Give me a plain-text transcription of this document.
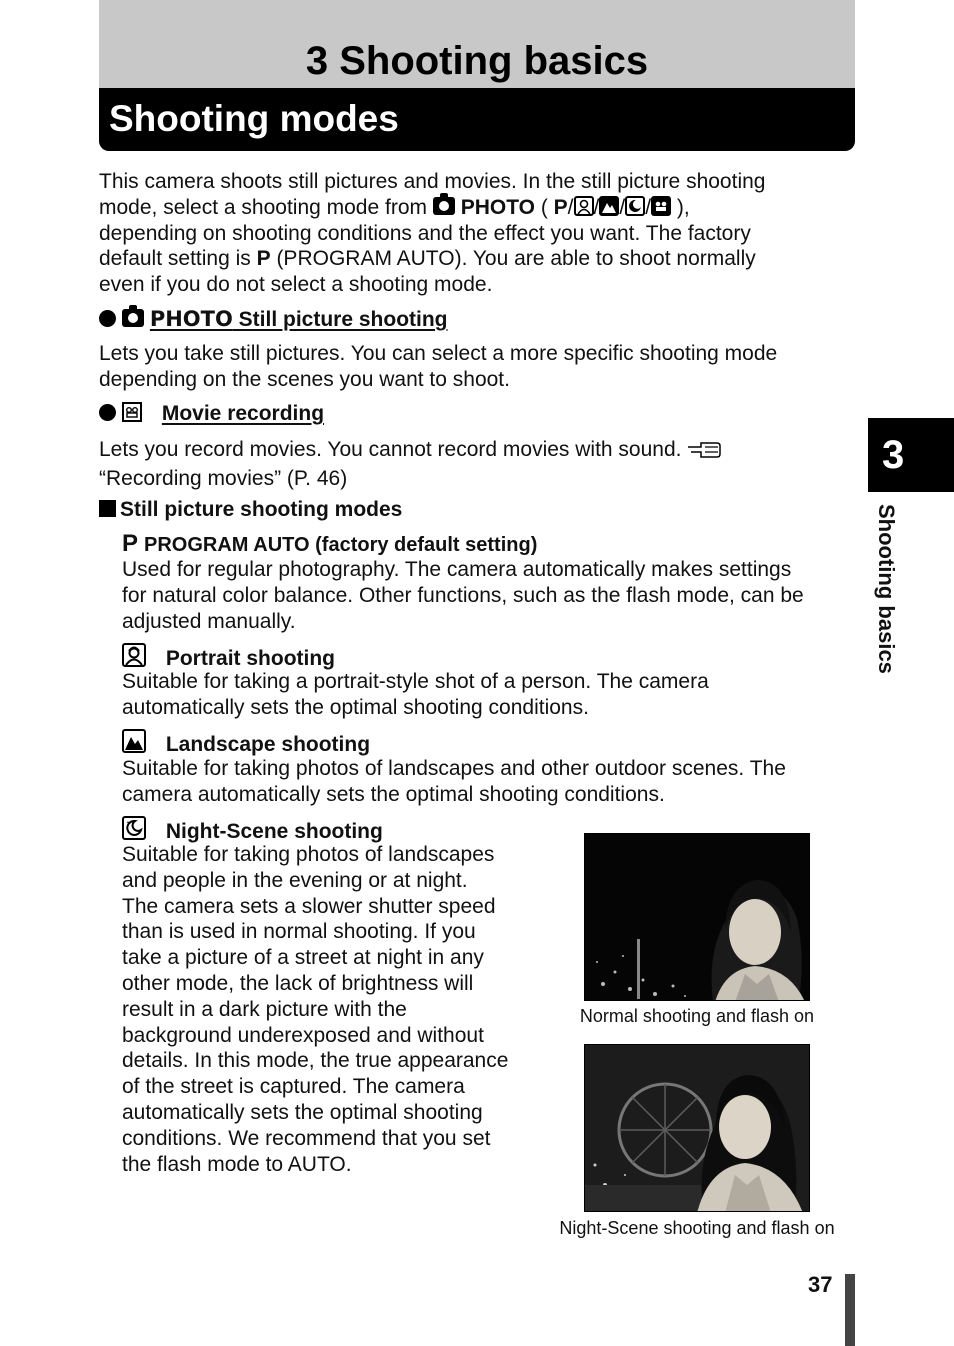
3 Shooting basics
Shooting modes
This camera shoots still pictures and movies. In the still picture shooting
mode, select a shooting mode from
PHOTO ( P/ / / /
),
depending on shooting conditions and the effect you want. The factory
default setting is P (PROGRAM AUTO). You are able to shoot normally
even if you do not select a shooting mode.
PHOTO Still picture shooting
Lets you take still pictures. You can select a more specific shooting mode
depending on the scenes you want to shoot.
Movie recording
Lets you record movies. You cannot record movies with sound.
“Recording movies” (P. 46)
Still picture shooting modes
P PROGRAM AUTO (factory default setting)
Used for regular photography. The camera automatically makes settings
for natural color balance. Other functions, such as the flash mode, can be
adjusted manually.
Portrait shooting
Suitable for taking a portrait-style shot of a person. The camera
automatically sets the optimal shooting conditions.
Landscape shooting
Suitable for taking photos of landscapes and other outdoor scenes. The
camera automatically sets the optimal shooting conditions.
Night-Scene shooting
Suitable for taking photos of landscapes
and people in the evening or at night.
The camera sets a slower shutter speed
than is used in normal shooting. If you
take a picture of a street at night in any
other mode, the lack of brightness will
result in a dark picture with the
background underexposed and without
details. In this mode, the true appearance
of the street is captured. The camera
automatically sets the optimal shooting
conditions. We recommend that you set
the flash mode to AUTO.
Normal shooting and flash on
Night-Scene shooting and flash on
3
Shooting basics
37
